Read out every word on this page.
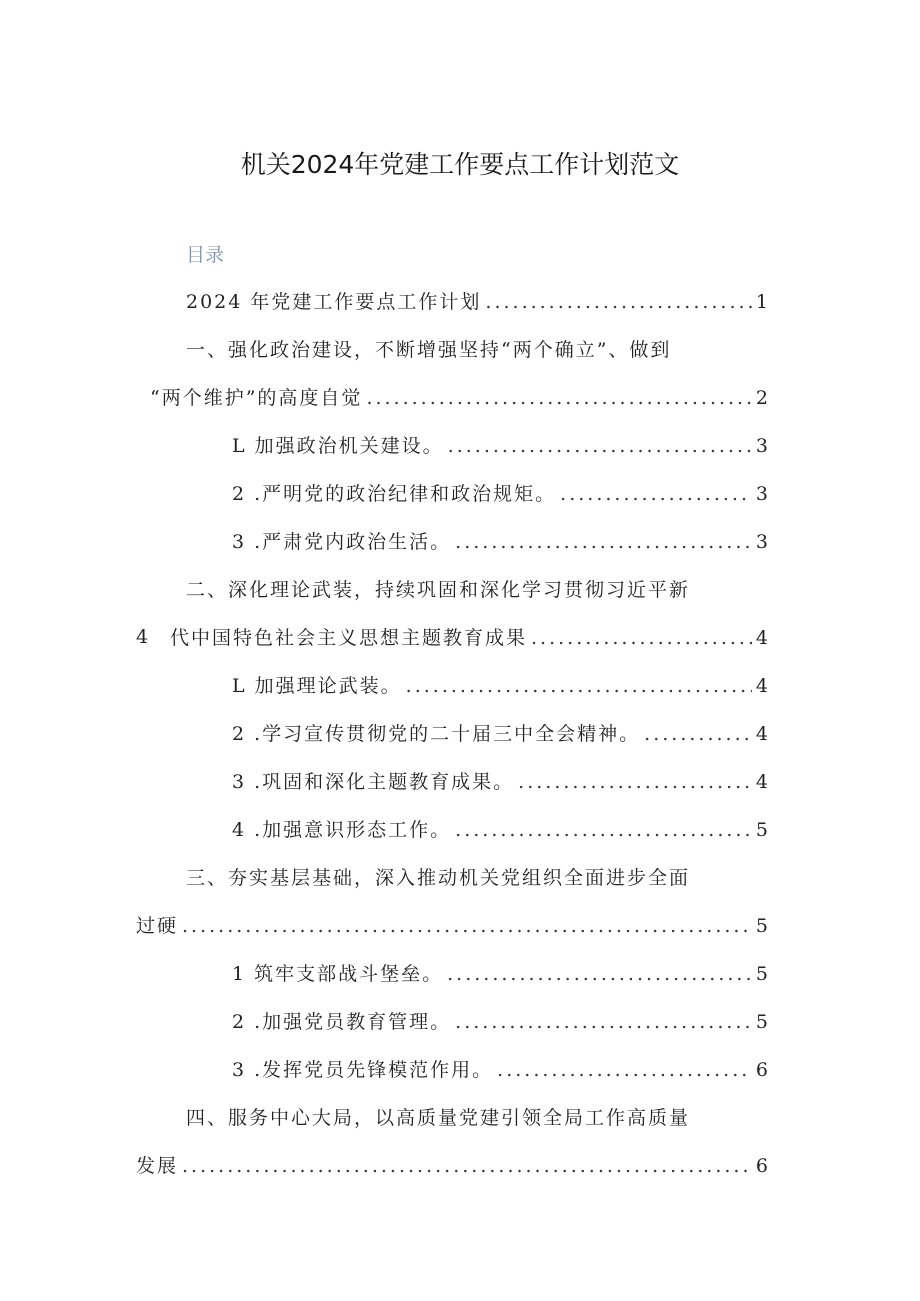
机关2024年党建工作要点工作计划范文
目录
2024 年党建工作要点工作计划 .....	1
一、强化政治建设，不断增强坚持“两个确立”、做到
“两个维护”的高度自觉 .....	2
L 加强政治机关建设。 .....	3
2 .严明党的政治纪律和政治规矩。 .....	3
3 .严肃党内政治生活。 .....	3
二、深化理论武装，持续巩固和深化学习贯彻习近平新
4 代中国特色社会主义思想主题教育成果 .....	4
L 加强理论武装。 .....	4
2 .学习宣传贯彻党的二十届三中全会精神。 .....	4
3 .巩固和深化主题教育成果。 .....	4
4 .加强意识形态工作。 .....	5
三、夯实基层基础，深入推动机关党组织全面进步全面
过硬 .....	5
1 筑牢支部战斗堡垒。 .....	5
2 .加强党员教育管理。 .....	5
3 .发挥党员先锋模范作用。 .....	6
四、服务中心大局，以高质量党建引领全局工作高质量
发展 .....	6
